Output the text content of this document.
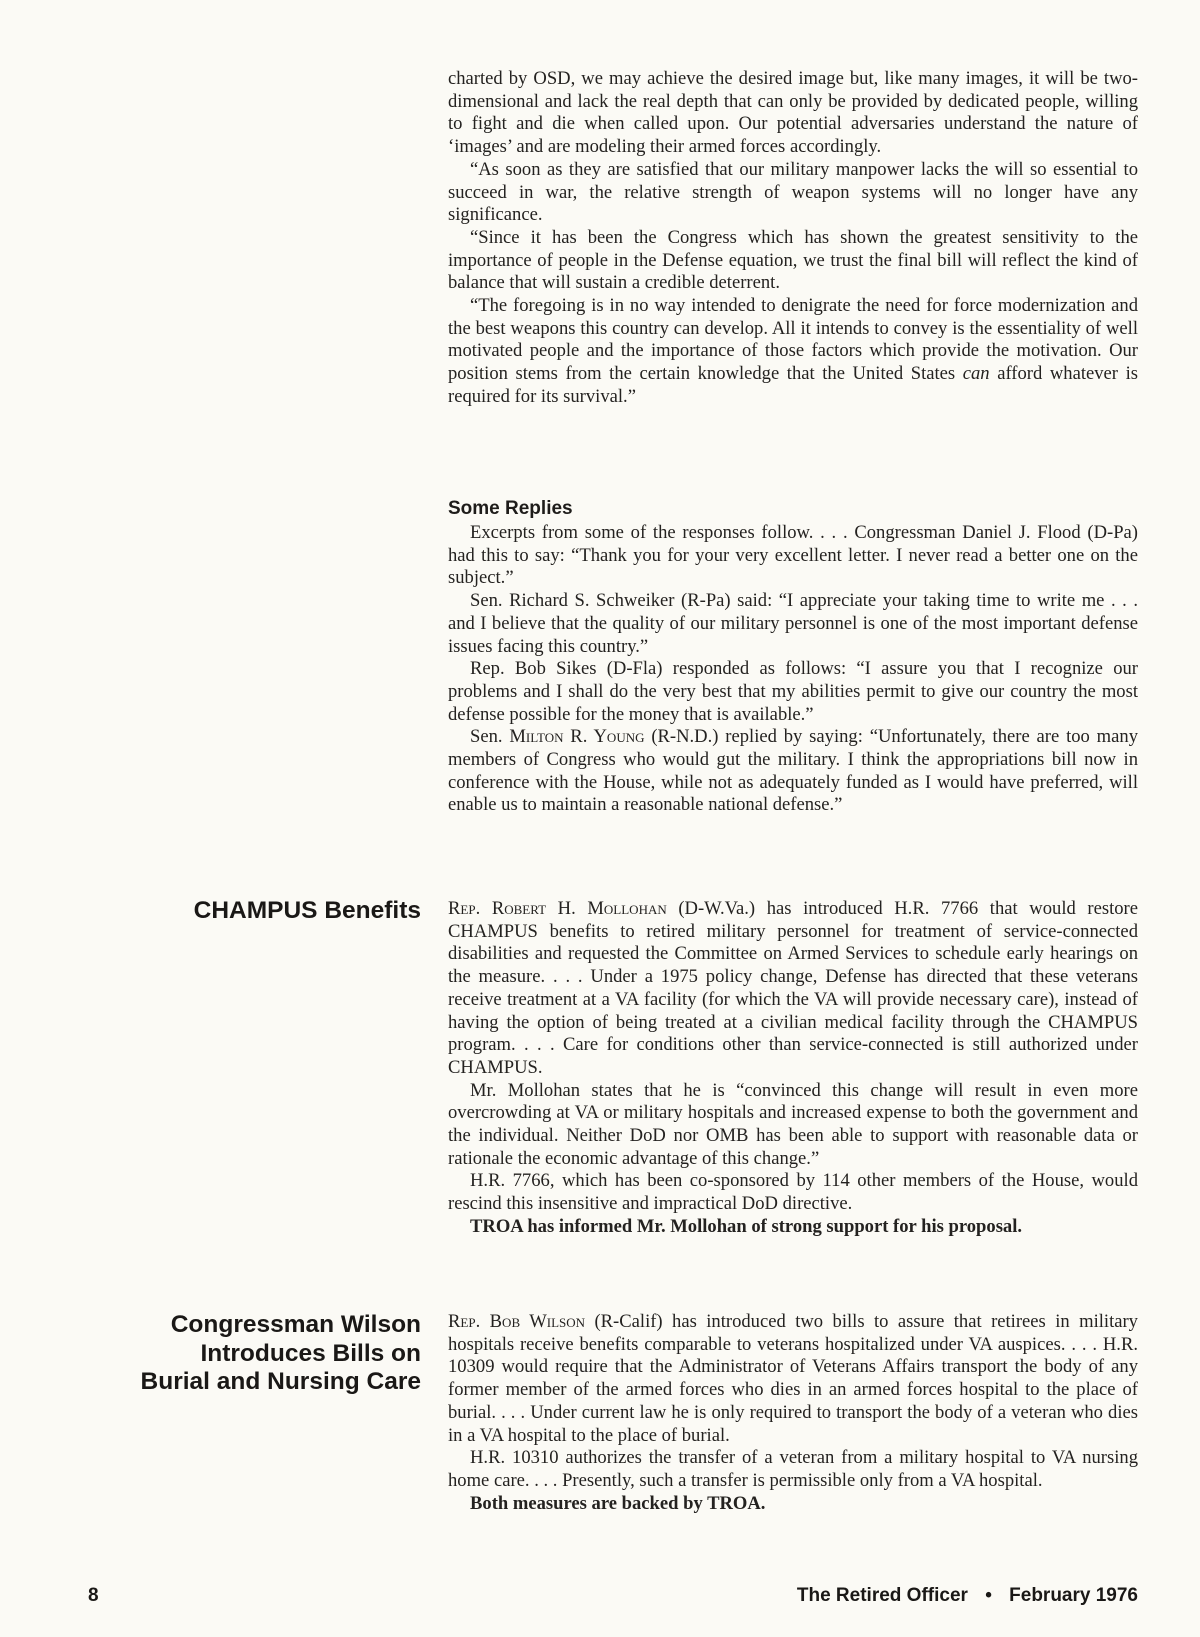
charted by OSD, we may achieve the desired image but, like many images, it will be two-dimensional and lack the real depth that can only be provided by dedicated people, willing to fight and die when called upon. Our potential adversaries understand the nature of ‘images’ and are modeling their armed forces accordingly.

“As soon as they are satisfied that our military manpower lacks the will so essential to succeed in war, the relative strength of weapon systems will no longer have any significance.

“Since it has been the Congress which has shown the greatest sensitivity to the importance of people in the Defense equation, we trust the final bill will reflect the kind of balance that will sustain a credible deterrent.

“The foregoing is in no way intended to denigrate the need for force modernization and the best weapons this country can develop. All it intends to convey is the essentiality of well motivated people and the importance of those factors which provide the motivation. Our position stems from the certain knowledge that the United States can afford whatever is required for its survival.”

Some Replies

Excerpts from some of the responses follow. . . . Congressman Daniel J. Flood (D-Pa) had this to say: “Thank you for your very excellent letter. I never read a better one on the subject.”

Sen. Richard S. Schweiker (R-Pa) said: “I appreciate your taking time to write me . . . and I believe that the quality of our military personnel is one of the most important defense issues facing this country.”

Rep. Bob Sikes (D-Fla) responded as follows: “I assure you that I recognize our problems and I shall do the very best that my abilities permit to give our country the most defense possible for the money that is available.”

Sen. Milton R. Young (R-N.D.) replied by saying: “Unfortunately, there are too many members of Congress who would gut the military. I think the appropriations bill now in conference with the House, while not as adequately funded as I would have preferred, will enable us to maintain a reasonable national defense.”

CHAMPUS Benefits Rep. Robert H. Mollohan (D-W.Va.) has introduced H.R. 7766 that would restore CHAMPUS benefits to retired military personnel for treatment of service-connected disabilities and requested the Committee on Armed Services to schedule early hearings on the measure. . . . Under a 1975 policy change, Defense has directed that these veterans receive treatment at a VA facility (for which the VA will provide necessary care), instead of having the option of being treated at a civilian medical facility through the CHAMPUS program. . . . Care for conditions other than service-connected is still authorized under CHAMPUS.

Mr. Mollohan states that he is “convinced this change will result in even more overcrowding at VA or military hospitals and increased expense to both the government and the individual. Neither DoD nor OMB has been able to support with reasonable data or rationale the economic advantage of this change.”

H.R. 7766, which has been co-sponsored by 114 other members of the House, would rescind this insensitive and impractical DoD directive.

TROA has informed Mr. Mollohan of strong support for his proposal.

Congressman Wilson
Introduces Bills on
Burial and Nursing Care

Rep. Bob Wilson (R-Calif) has introduced two bills to assure that retirees in military hospitals receive benefits comparable to veterans hospitalized under VA auspices. . . . H.R. 10309 would require that the Administrator of Veterans Affairs transport the body of any former member of the armed forces who dies in an armed forces hospital to the place of burial. . . . Under current law he is only required to transport the body of a veteran who dies in a VA hospital to the place of burial.

H.R. 10310 authorizes the transfer of a veteran from a military hospital to VA nursing home care. . . . Presently, such a transfer is permissible only from a VA hospital.

Both measures are backed by TROA.

8	The Retired Officer • February 1976
